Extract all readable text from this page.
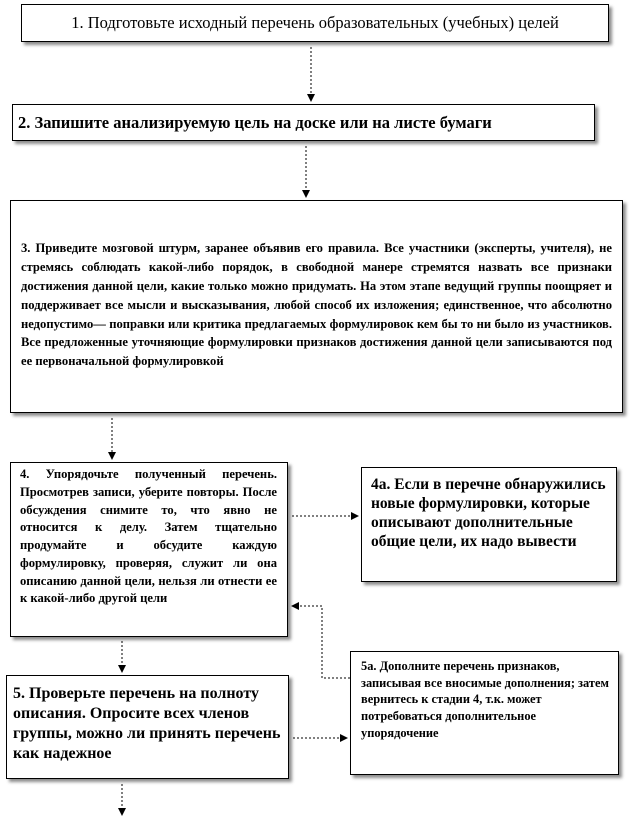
1. Подготовьте исходный перечень образовательных (учебных) целей

2. Запишите анализируемую цель на доске или на листе бумаги

3. Приведите мозговой штурм, заранее объявив его правила. Все участники (эксперты, учителя), не стремясь соблюдать какой-либо порядок, в свободной манере стремятся назвать все признаки достижения данной цели, какие только можно придумать. На этом этапе ведущий группы поощряет и поддерживает все мысли и высказывания, любой способ их изложения; единственное, что абсолютно недопустимо— поправки или критика предлагаемых формулировок кем бы то ни было из участников. Все предложенные уточняющие формулировки признаков достижения данной цели записываются под ее первоначальной формулировкой

4. Упорядочьте полученный перечень. Просмотрев записи, уберите повторы. После обсуждения снимите то, что явно не относится к делу. Затем тщательно продумайте и обсудите каждую формулировку, проверяя, служит ли она описанию данной цели, нельзя ли отнести ее к какой-либо другой цели

4а. Если в перечне обнаружились новые формулировки, которые описывают дополнительные общие цели, их надо вывести

5. Проверьте перечень на полноту описания. Опросите всех членов группы, можно ли принять перечень как надежное

5а. Дополните перечень признаков, записывая все вносимые дополнения; затем вернитесь к стадии 4, т.к. может потребоваться дополнительное упорядочение
